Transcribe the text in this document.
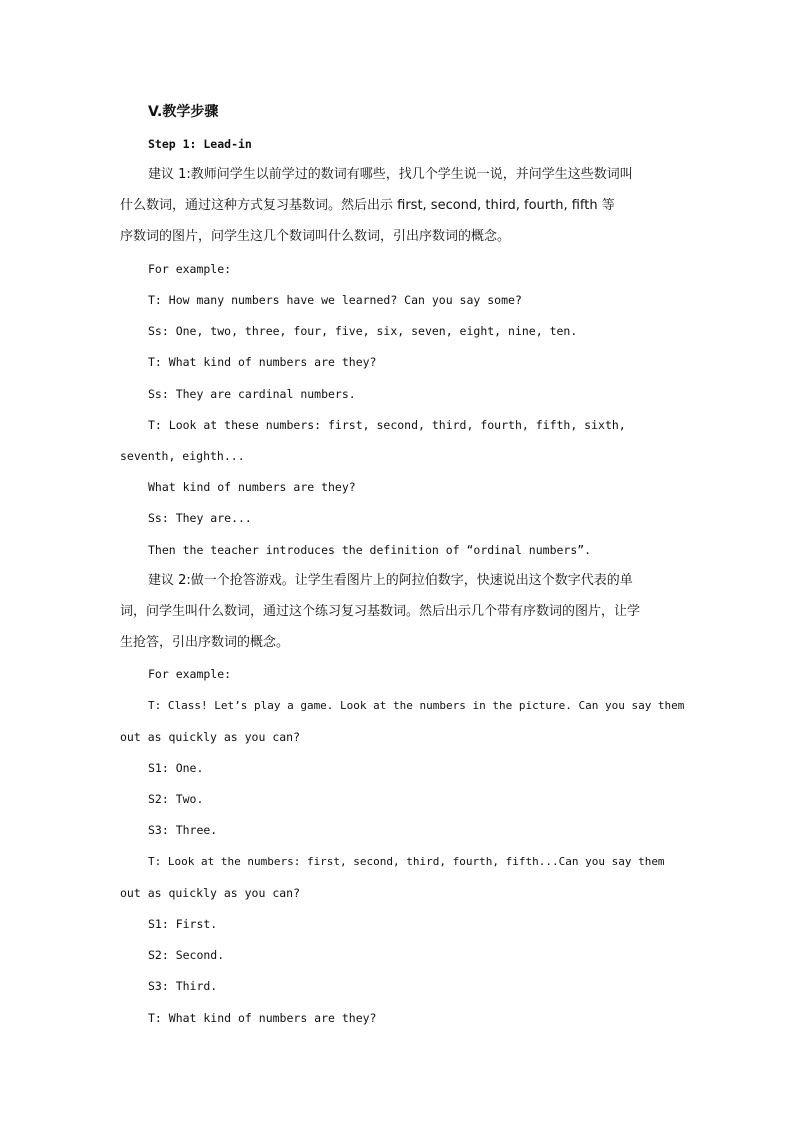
V.教学步骤
Step 1: Lead-in
建议 1:教师问学生以前学过的数词有哪些，找几个学生说一说，并问学生这些数词叫
什么数词，通过这种方式复习基数词。然后出示 first, second, third, fourth, fifth 等
序数词的图片，问学生这几个数词叫什么数词，引出序数词的概念。
For example:
T: How many numbers have we learned? Can you say some?
Ss: One, two, three, four, five, six, seven, eight, nine, ten.
T: What kind of numbers are they?
Ss: They are cardinal numbers.
T: Look at these numbers: first, second, third, fourth, fifth, sixth,
seventh, eighth...
What kind of numbers are they?
Ss: They are...
Then the teacher introduces the definition of “ordinal numbers”.
建议 2:做一个抢答游戏。让学生看图片上的阿拉伯数字，快速说出这个数字代表的单
词，问学生叫什么数词，通过这个练习复习基数词。然后出示几个带有序数词的图片，让学
生抢答，引出序数词的概念。
For example:
T: Class! Let’s play a game. Look at the numbers in the picture. Can you say them
out as quickly as you can?
S1: One.
S2: Two.
S3: Three.
T: Look at the numbers: first, second, third, fourth, fifth...Can you say them
out as quickly as you can?
S1: First.
S2: Second.
S3: Third.
T: What kind of numbers are they?
